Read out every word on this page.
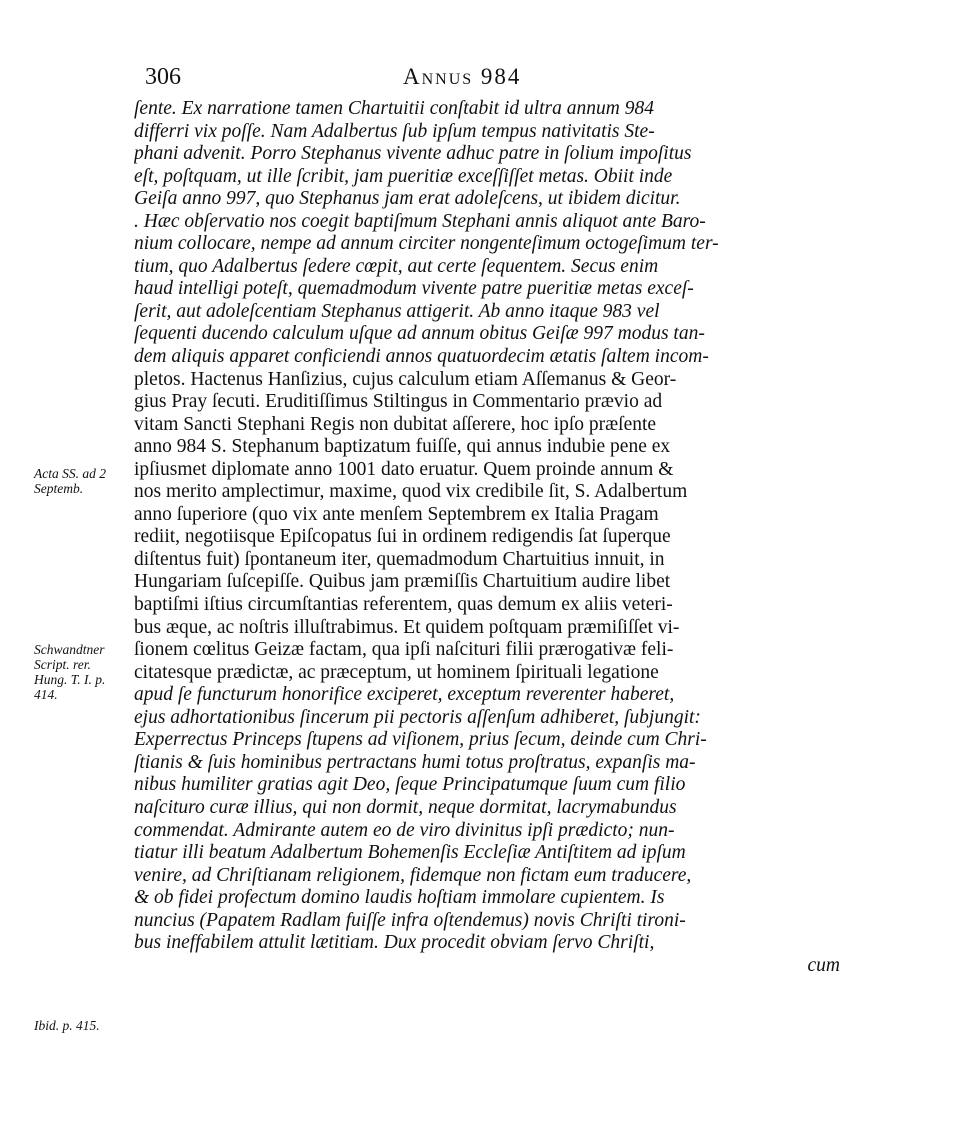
306	Annus 984
Acta SS. ad 2
Septemb.
Schwandtner
Script. rer.
Hung. T. I. p.
414.
Ibid. p. 415.
ſente. Ex narratione tamen Chartuitii conſtabit id ultra annum 984
differri vix poſſe. Nam Adalbertus ſub ipſum tempus nativitatis Ste-
phani advenit. Porro Stephanus vivente adhuc patre in ſolium impoſitus
eſt, poſtquam, ut ille ſcribit, jam pueritiæ exceſſiſſet metas. Obiit inde
Geiſa anno 997, quo Stephanus jam erat adoleſcens, ut ibidem dicitur.
. Hæc obſervatio nos coegit baptiſmum Stephani annis aliquot ante Baro-
nium collocare, nempe ad annum circiter nongenteſimum octogeſimum ter-
tium, quo Adalbertus ſedere cœpit, aut certe ſequentem. Secus enim
haud intelligi poteſt, quemadmodum vivente patre pueritiæ metas exceſ-
ſerit, aut adoleſcentiam Stephanus attigerit. Ab anno itaque 983 vel
ſequenti ducendo calculum uſque ad annum obitus Geiſæ 997 modus tan-
dem aliquis apparet conficiendi annos quatuordecim ætatis ſaltem incom-
pletos. Hactenus Hanſizius, cujus calculum etiam Aſſemanus & Geor-
gius Pray ſecuti. Eruditiſſimus Stiltingus in Commentario prævio ad
vitam Sancti Stephani Regis non dubitat aſſerere, hoc ipſo præſente
anno 984 S. Stephanum baptizatum fuiſſe, qui annus indubie pene ex
ipſiusmet diplomate anno 1001 dato eruatur. Quem proinde annum &
nos merito amplectimur, maxime, quod vix credibile ſit, S. Adalbertum
anno ſuperiore (quo vix ante menſem Septembrem ex Italia Pragam
rediit, negotiisque Epiſcopatus ſui in ordinem redigendis ſat ſuperque
diſtentus fuit) ſpontaneum iter, quemadmodum Chartuitius innuit, in
Hungariam ſuſcepiſſe. Quibus jam præmiſſis Chartuitium audire libet
baptiſmi iſtius circumſtantias referentem, quas demum ex aliis veteri-
bus æque, ac noſtris illuſtrabimus. Et quidem poſtquam præmiſiſſet vi-
ſionem cœlitus Geizæ factam, qua ipſi naſcituri filii prærogativæ feli-
citatesque prædictæ, ac præceptum, ut hominem ſpirituali legatione
apud ſe functurum honorifice exciperet, exceptum reverenter haberet,
ejus adhortationibus ſincerum pii pectoris aſſenſum adhiberet, ſubjungit:
Experrectus Princeps ſtupens ad viſionem, prius ſecum, deinde cum Chri-
ſtianis & ſuis hominibus pertractans humi totus proſtratus, expanſis ma-
nibus humiliter gratias agit Deo, ſeque Principatumque ſuum cum filio
naſcituro curæ illius, qui non dormit, neque dormitat, lacrymabundus
commendat. Admirante autem eo de viro divinitus ipſi prædicto; nun-
tiatur illi beatum Adalbertum Bohemenſis Eccleſiæ Antiſtitem ad ipſum
venire, ad Chriſtianam religionem, fidemque non fictam eum traducere,
& ob fidei profectum domino laudis hoſtiam immolare cupientem. Is
nuncius (Papatem Radlam fuiſſe infra oſtendemus) novis Chriſti tironi-
bus ineffabilem attulit lætitiam. Dux procedit obviam ſervo Chriſti,
cum
